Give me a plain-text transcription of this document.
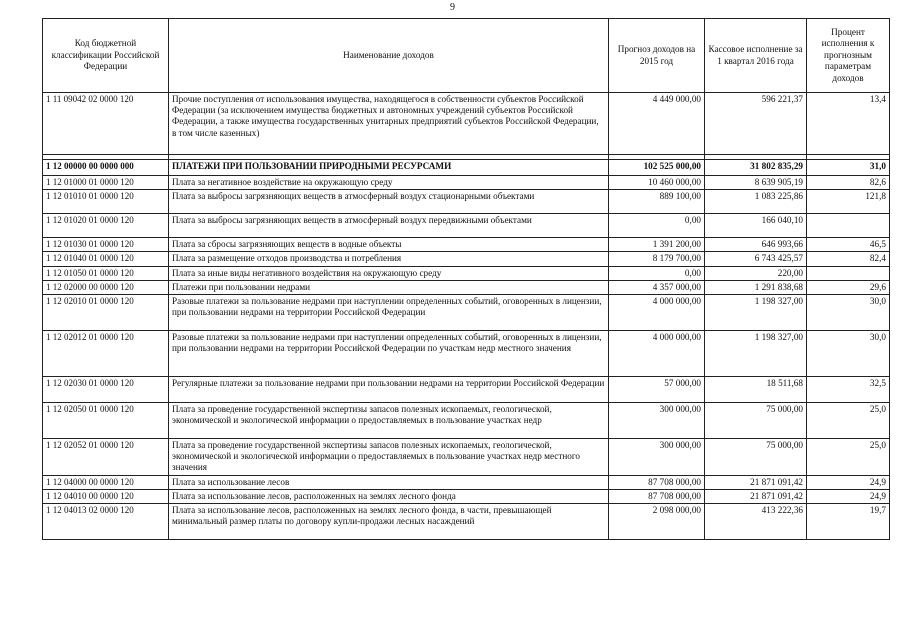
9
Код бюджетной классификации Российской Федерации	Наименование доходов	Прогноз доходов на 2015 год	Кассовое исполнение за 1 квартал 2016 года	Процент исполнения к прогнозным параметрам доходов
1 11 09042 02 0000 120	Прочие поступления от использования имущества, находящегося в собственности субъектов Российской Федерации (за исключением имущества бюджетных и автономных учреждений субъектов Российской Федерации, а также имущества государственных унитарных предприятий субъектов Российской Федерации, в том числе казенных)	4 449 000,00	596 221,37	13,4

1 12 00000 00 0000 000	ПЛАТЕЖИ ПРИ ПОЛЬЗОВАНИИ ПРИРОДНЫМИ РЕСУРСАМИ	102 525 000,00	31 802 835,29	31,0
1 12 01000 01 0000 120	Плата за негативное воздействие на окружающую среду	10 460 000,00	8 639 905,19	82,6
1 12 01010 01 0000 120	Плата за выбросы загрязняющих веществ в атмосферный воздух стационарными объектами	889 100,00	1 083 225,86	121,8
1 12 01020 01 0000 120	Плата за выбросы загрязняющих веществ в атмосферный воздух передвижными объектами	0,00	166 040,10	
1 12 01030 01 0000 120	Плата за сбросы загрязняющих веществ в водные объекты	1 391 200,00	646 993,66	46,5
1 12 01040 01 0000 120	Плата за размещение отходов производства и потребления	8 179 700,00	6 743 425,57	82,4
1 12 01050 01 0000 120	Плата за иные виды негативного воздействия на окружающую среду	0,00	220,00	
1 12 02000 00 0000 120	Платежи при пользовании недрами	4 357 000,00	1 291 838,68	29,6
1 12 02010 01 0000 120	Разовые платежи за пользование недрами при наступлении определенных событий, оговоренных в лицензии, при пользовании недрами на территории Российской Федерации	4 000 000,00	1 198 327,00	30,0
1 12 02012 01 0000 120	Разовые платежи за пользование недрами при наступлении определенных событий, оговоренных в лицензии, при пользовании недрами на территории Российской Федерации по участкам недр местного значения	4 000 000,00	1 198 327,00	30,0
1 12 02030 01 0000 120	Регулярные платежи за пользование недрами при пользовании недрами на территории Российской Федерации	57 000,00	18 511,68	32,5
1 12 02050 01 0000 120	Плата за проведение государственной экспертизы запасов полезных ископаемых, геологической, экономической и экологической информации о предоставляемых в пользование участках недр	300 000,00	75 000,00	25,0
1 12 02052 01 0000 120	Плата за проведение государственной экспертизы запасов полезных ископаемых, геологической, экономической и экологической информации о предоставляемых в пользование участках недр местного значения	300 000,00	75 000,00	25,0
1 12 04000 00 0000 120	Плата за использование лесов	87 708 000,00	21 871 091,42	24,9
1 12 04010 00 0000 120	Плата за использование лесов, расположенных на землях лесного фонда	87 708 000,00	21 871 091,42	24,9
1 12 04013 02 0000 120	Плата за использование лесов, расположенных на землях лесного фонда, в части, превышающей минимальный размер платы по договору купли-продажи лесных насаждений	2 098 000,00	413 222,36	19,7
